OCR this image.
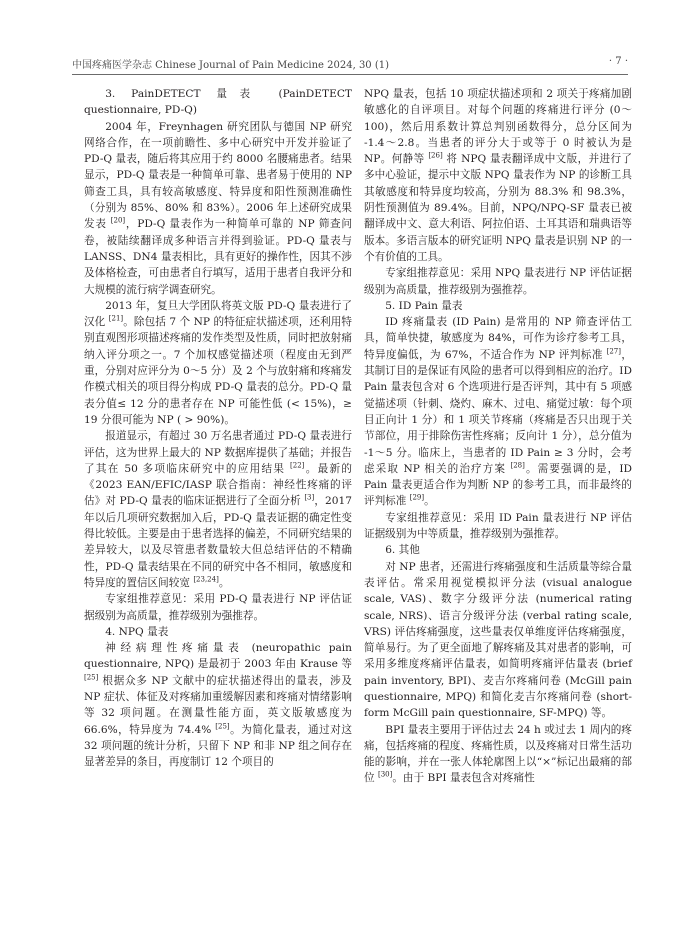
中国疼痛医学杂志 Chinese Journal of Pain Medicine 2024, 30 (1)	· 7 ·

3. PainDETECT 量表 (PainDETECT questionnaire, PD-Q)

2004 年，Freynhagen 研究团队与德国 NP 研究网络合作，在一项前瞻性、多中心研究中开发并验证了 PD-Q 量表，随后将其应用于约 8000 名腰痛患者。结果显示，PD-Q 量表是一种简单可靠、患者易于使用的 NP 筛查工具，具有较高敏感度、特异度和阳性预测准确性（分别为 85%、80% 和 83%）。2006 年上述研究成果发表 [20]，PD-Q 量表作为一种简单可靠的 NP 筛查问卷，被陆续翻译成多种语言并得到验证。PD-Q 量表与 LANSS、DN4 量表相比，具有更好的操作性，因其不涉及体格检查，可由患者自行填写，适用于患者自我评分和大规模的流行病学调查研究。

2013 年，复旦大学团队将英文版 PD-Q 量表进行了汉化 [21]。除包括 7 个 NP 的特征症状描述项，还利用特别直观图形项描述疼痛的发作类型及性质，同时把放射痛纳入评分项之一。7 个加权感觉描述项（程度由无到严重，分别对应评分为 0～5 分）及 2 个与放射痛和疼痛发作模式相关的项目得分构成 PD-Q 量表的总分。PD-Q 量表分值≤ 12 分的患者存在 NP 可能性低 (< 15%)，≥ 19 分很可能为 NP ( > 90%)。

报道显示，有超过 30 万名患者通过 PD-Q 量表进行评估，这为世界上最大的 NP 数据库提供了基础；并报告了其在 50 多项临床研究中的应用结果 [22]。最新的《2023 EAN/EFIC/IASP 联合指南：神经性疼痛的评估》对 PD-Q 量表的临床证据进行了全面分析 [3]，2017 年以后几项研究数据加入后，PD-Q 量表证据的确定性变得比较低。主要是由于患者选择的偏差，不同研究结果的差异较大，以及尽管患者数量较大但总结评估的不精确性，PD-Q 量表结果在不同的研究中各不相同，敏感度和特异度的置信区间较宽 [23,24]。

专家组推荐意见：采用 PD-Q 量表进行 NP 评估证据级别为高质量，推荐级别为强推荐。

4. NPQ 量表

神经病理性疼痛量表 (neuropathic pain questionnaire, NPQ) 是最初于 2003 年由 Krause 等 [25] 根据众多 NP 文献中的症状描述得出的量表，涉及 NP 症状、体征及对疼痛加重缓解因素和疼痛对情绪影响等 32 项问题。在测量性能方面，英文版敏感度为 66.6%，特异度为 74.4% [25]。为简化量表，通过对这 32 项问题的统计分析，只留下 NP 和非 NP 组之间存在显著差异的条目，再度制订 12 个项目的

NPQ 量表，包括 10 项症状描述项和 2 项关于疼痛加剧敏感化的自评项目。对每个问题的疼痛进行评分 (0～100)，然后用系数计算总判别函数得分，总分区间为 -1.4～2.8。当患者的评分大于或等于 0 时被认为是 NP。何静等 [26] 将 NPQ 量表翻译成中文版，并进行了多中心验证，提示中文版 NPQ 量表作为 NP 的诊断工具其敏感度和特异度均较高，分别为 88.3% 和 98.3%，阴性预测值为 89.4%。目前，NPQ/NPQ-SF 量表已被翻译成中文、意大利语、阿拉伯语、土耳其语和瑞典语等版本。多语言版本的研究证明 NPQ 量表是识别 NP 的一个有价值的工具。

专家组推荐意见：采用 NPQ 量表进行 NP 评估证据级别为高质量，推荐级别为强推荐。

5. ID Pain 量表

ID 疼痛量表 (ID Pain) 是常用的 NP 筛查评估工具，简单快捷，敏感度为 84%，可作为诊疗参考工具，特异度偏低，为 67%，不适合作为 NP 评判标准 [27]，其制订目的是保证有风险的患者可以得到相应的治疗。ID Pain 量表包含对 6 个选项进行是否评判，其中有 5 项感觉描述项（针刺、烧灼、麻木、过电、痛觉过敏：每个项目正向计 1 分）和 1 项关节疼痛（疼痛是否只出现于关节部位，用于排除伤害性疼痛；反向计 1 分），总分值为 -1～5 分。临床上，当患者的 ID Pain ≥ 3 分时，会考虑采取 NP 相关的治疗方案 [28]。需要强调的是，ID Pain 量表更适合作为判断 NP 的参考工具，而非最终的评判标准 [29]。

专家组推荐意见：采用 ID Pain 量表进行 NP 评估证据级别为中等质量，推荐级别为强推荐。

6. 其他

对 NP 患者，还需进行疼痛强度和生活质量等综合量表评估。常采用视觉模拟评分法 (visual analogue scale, VAS)、数字分级评分法 (numerical rating scale, NRS)、语言分级评分法 (verbal rating scale, VRS) 评估疼痛强度，这些量表仅单维度评估疼痛强度，简单易行。为了更全面地了解疼痛及其对患者的影响，可采用多维度疼痛评估量表，如简明疼痛评估量表 (brief pain inventory, BPI)、麦吉尔疼痛问卷 (McGill pain questionnaire, MPQ) 和简化麦吉尔疼痛问卷 (short-form McGill pain questionnaire, SF-MPQ) 等。

BPI 量表主要用于评估过去 24 h 或过去 1 周内的疼痛，包括疼痛的程度、疼痛性质，以及疼痛对日常生活功能的影响，并在一张人体轮廓图上以“×”标记出最痛的部位 [30]。由于 BPI 量表包含对疼痛性
